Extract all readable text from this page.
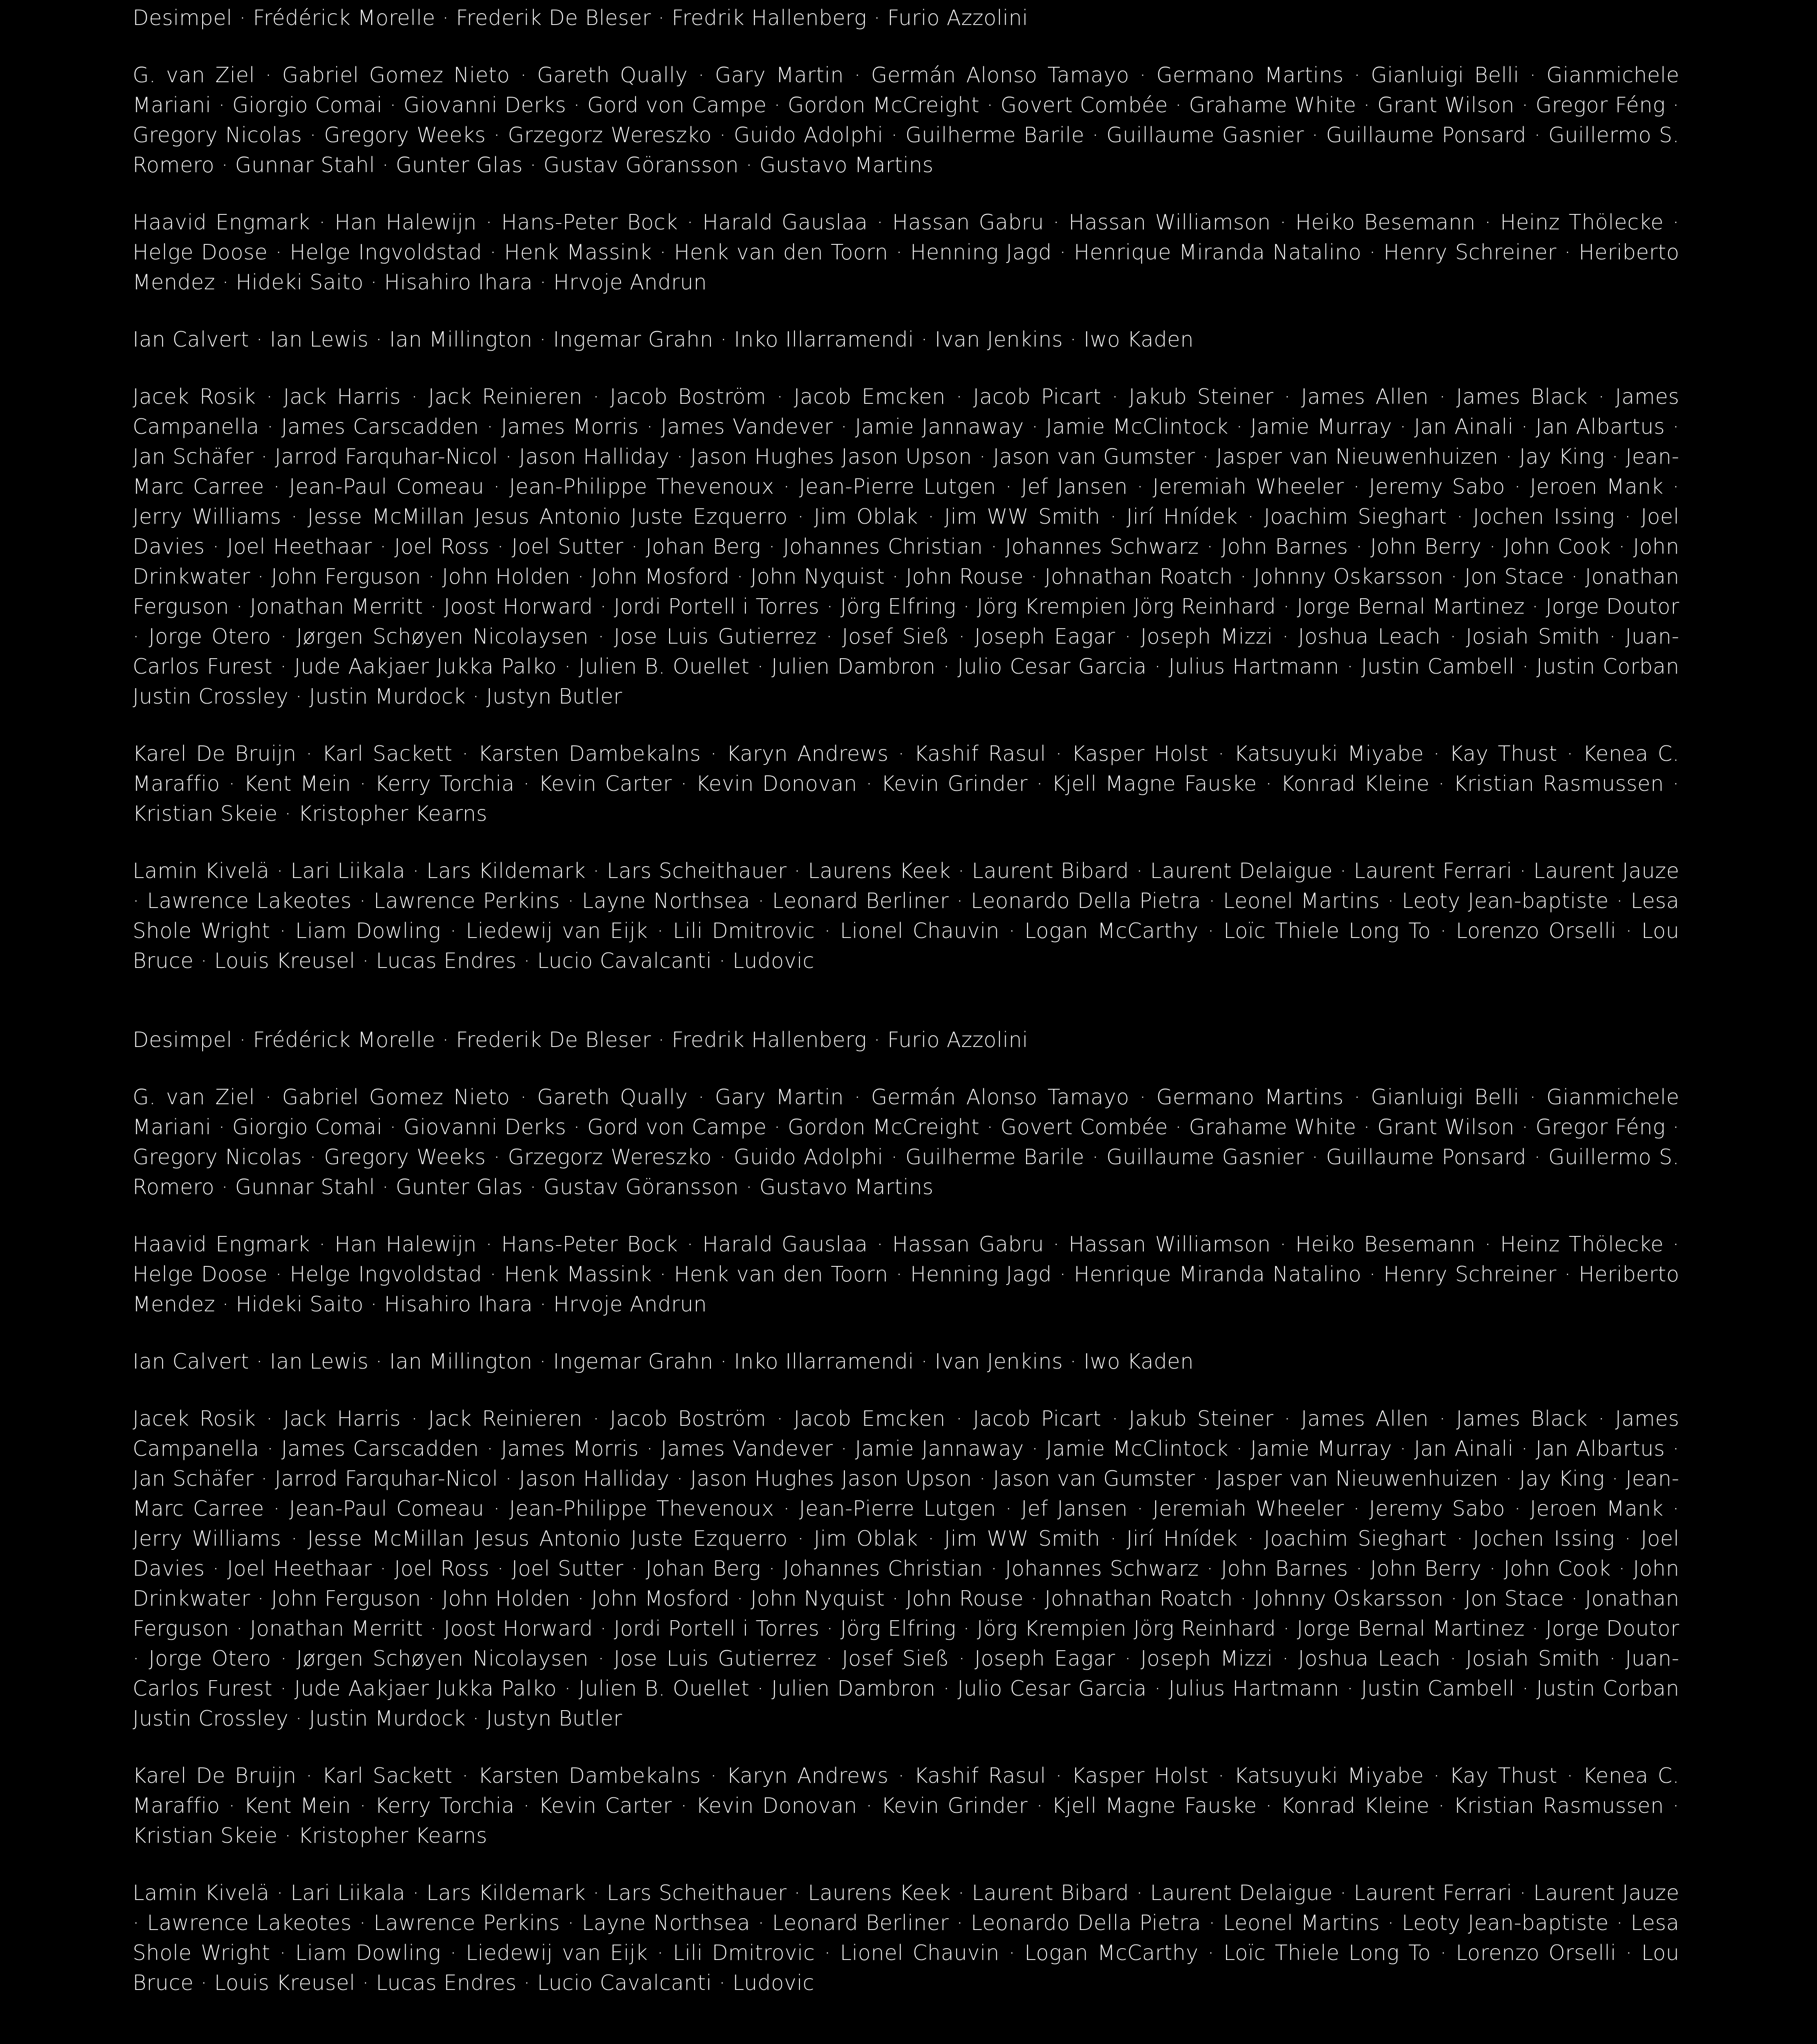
Desimpel · Frédérick Morelle · Frederik De Bleser · Fredrik Hallenberg · Furio Azzolini

G. van Ziel · Gabriel Gomez Nieto · Gareth Qually · Gary Martin · Germán Alonso Tamayo · Germano Martins · Gianluigi Belli · Gianmichele Mariani · Giorgio Comai · Giovanni Derks · Gord von Campe · Gordon McCreight · Govert Combée · Grahame White · Grant Wilson · Gregor Féng · Gregory Nicolas · Gregory Weeks · Grzegorz Wereszko · Guido Adolphi · Guilherme Barile · Guillaume Gasnier · Guillaume Ponsard · Guillermo S. Romero · Gunnar Stahl · Gunter Glas · Gustav Göransson · Gustavo Martins

Haavid Engmark · Han Halewijn · Hans-Peter Bock · Harald Gauslaa · Hassan Gabru · Hassan Williamson · Heiko Besemann · Heinz Thölecke · Helge Doose · Helge Ingvoldstad · Henk Massink · Henk van den Toorn · Henning Jagd · Henrique Miranda Natalino · Henry Schreiner · Heriberto Mendez · Hideki Saito · Hisahiro Ihara · Hrvoje Andrun

Ian Calvert · Ian Lewis · Ian Millington · Ingemar Grahn · Inko Illarramendi · Ivan Jenkins · Iwo Kaden

Jacek Rosik · Jack Harris · Jack Reinieren · Jacob Boström · Jacob Emcken · Jacob Picart · Jakub Steiner · James Allen · James Black · James Campanella · James Carscadden · James Morris · James Vandever · Jamie Jannaway · Jamie McClintock · Jamie Murray · Jan Ainali · Jan Albartus · Jan Schäfer · Jarrod Farquhar-Nicol · Jason Halliday · Jason Hughes Jason Upson · Jason van Gumster · Jasper van Nieuwenhuizen · Jay King · Jean-Marc Carree · Jean-Paul Comeau · Jean-Philippe Thevenoux · Jean-Pierre Lutgen · Jef Jansen · Jeremiah Wheeler · Jeremy Sabo · Jeroen Mank · Jerry Williams · Jesse McMillan Jesus Antonio Juste Ezquerro · Jim Oblak · Jim WW Smith · Jirí Hnídek · Joachim Sieghart · Jochen Issing · Joel Davies · Joel Heethaar · Joel Ross · Joel Sutter · Johan Berg · Johannes Christian · Johannes Schwarz · John Barnes · John Berry · John Cook · John Drinkwater · John Ferguson · John Holden · John Mosford · John Nyquist · John Rouse · Johnathan Roatch · Johnny Oskarsson · Jon Stace · Jonathan Ferguson · Jonathan Merritt · Joost Horward · Jordi Portell i Torres · Jörg Elfring · Jörg Krempien Jörg Reinhard · Jorge Bernal Martinez · Jorge Doutor · Jorge Otero · Jørgen Schøyen Nicolaysen · Jose Luis Gutierrez · Josef Sieß · Joseph Eagar · Joseph Mizzi · Joshua Leach · Josiah Smith · Juan-Carlos Furest · Jude Aakjaer Jukka Palko · Julien B. Ouellet · Julien Dambron · Julio Cesar Garcia · Julius Hartmann · Justin Cambell · Justin Corban Justin Crossley · Justin Murdock · Justyn Butler

Karel De Bruijn · Karl Sackett · Karsten Dambekalns · Karyn Andrews · Kashif Rasul · Kasper Holst · Katsuyuki Miyabe · Kay Thust · Kenea C. Maraffio · Kent Mein · Kerry Torchia · Kevin Carter · Kevin Donovan · Kevin Grinder · Kjell Magne Fauske · Konrad Kleine · Kristian Rasmussen · Kristian Skeie · Kristopher Kearns

Lamin Kivelä · Lari Liikala · Lars Kildemark · Lars Scheithauer · Laurens Keek · Laurent Bibard · Laurent Delaigue · Laurent Ferrari · Laurent Jauze · Lawrence Lakeotes · Lawrence Perkins · Layne Northsea · Leonard Berliner · Leonardo Della Pietra · Leonel Martins · Leoty Jean-baptiste · Lesa Shole Wright · Liam Dowling · Liedewij van Eijk · Lili Dmitrovic · Lionel Chauvin · Logan McCarthy · Loïc Thiele Long To · Lorenzo Orselli · Lou Bruce · Louis Kreusel · Lucas Endres · Lucio Cavalcanti · Ludovic

Desimpel · Frédérick Morelle · Frederik De Bleser · Fredrik Hallenberg · Furio Azzolini

G. van Ziel · Gabriel Gomez Nieto · Gareth Qually · Gary Martin · Germán Alonso Tamayo · Germano Martins · Gianluigi Belli · Gianmichele Mariani · Giorgio Comai · Giovanni Derks · Gord von Campe · Gordon McCreight · Govert Combée · Grahame White · Grant Wilson · Gregor Féng · Gregory Nicolas · Gregory Weeks · Grzegorz Wereszko · Guido Adolphi · Guilherme Barile · Guillaume Gasnier · Guillaume Ponsard · Guillermo S. Romero · Gunnar Stahl · Gunter Glas · Gustav Göransson · Gustavo Martins

Haavid Engmark · Han Halewijn · Hans-Peter Bock · Harald Gauslaa · Hassan Gabru · Hassan Williamson · Heiko Besemann · Heinz Thölecke · Helge Doose · Helge Ingvoldstad · Henk Massink · Henk van den Toorn · Henning Jagd · Henrique Miranda Natalino · Henry Schreiner · Heriberto Mendez · Hideki Saito · Hisahiro Ihara · Hrvoje Andrun

Ian Calvert · Ian Lewis · Ian Millington · Ingemar Grahn · Inko Illarramendi · Ivan Jenkins · Iwo Kaden

Jacek Rosik · Jack Harris · Jack Reinieren · Jacob Boström · Jacob Emcken · Jacob Picart · Jakub Steiner · James Allen · James Black · James Campanella · James Carscadden · James Morris · James Vandever · Jamie Jannaway · Jamie McClintock · Jamie Murray · Jan Ainali · Jan Albartus · Jan Schäfer · Jarrod Farquhar-Nicol · Jason Halliday · Jason Hughes Jason Upson · Jason van Gumster · Jasper van Nieuwenhuizen · Jay King · Jean-Marc Carree · Jean-Paul Comeau · Jean-Philippe Thevenoux · Jean-Pierre Lutgen · Jef Jansen · Jeremiah Wheeler · Jeremy Sabo · Jeroen Mank · Jerry Williams · Jesse McMillan Jesus Antonio Juste Ezquerro · Jim Oblak · Jim WW Smith · Jirí Hnídek · Joachim Sieghart · Jochen Issing · Joel Davies · Joel Heethaar · Joel Ross · Joel Sutter · Johan Berg · Johannes Christian · Johannes Schwarz · John Barnes · John Berry · John Cook · John Drinkwater · John Ferguson · John Holden · John Mosford · John Nyquist · John Rouse · Johnathan Roatch · Johnny Oskarsson · Jon Stace · Jonathan Ferguson · Jonathan Merritt · Joost Horward · Jordi Portell i Torres · Jörg Elfring · Jörg Krempien Jörg Reinhard · Jorge Bernal Martinez · Jorge Doutor · Jorge Otero · Jørgen Schøyen Nicolaysen · Jose Luis Gutierrez · Josef Sieß · Joseph Eagar · Joseph Mizzi · Joshua Leach · Josiah Smith · Juan-Carlos Furest · Jude Aakjaer Jukka Palko · Julien B. Ouellet · Julien Dambron · Julio Cesar Garcia · Julius Hartmann · Justin Cambell · Justin Corban Justin Crossley · Justin Murdock · Justyn Butler

Karel De Bruijn · Karl Sackett · Karsten Dambekalns · Karyn Andrews · Kashif Rasul · Kasper Holst · Katsuyuki Miyabe · Kay Thust · Kenea C. Maraffio · Kent Mein · Kerry Torchia · Kevin Carter · Kevin Donovan · Kevin Grinder · Kjell Magne Fauske · Konrad Kleine · Kristian Rasmussen · Kristian Skeie · Kristopher Kearns

Lamin Kivelä · Lari Liikala · Lars Kildemark · Lars Scheithauer · Laurens Keek · Laurent Bibard · Laurent Delaigue · Laurent Ferrari · Laurent Jauze · Lawrence Lakeotes · Lawrence Perkins · Layne Northsea · Leonard Berliner · Leonardo Della Pietra · Leonel Martins · Leoty Jean-baptiste · Lesa Shole Wright · Liam Dowling · Liedewij van Eijk · Lili Dmitrovic · Lionel Chauvin · Logan McCarthy · Loïc Thiele Long To · Lorenzo Orselli · Lou Bruce · Louis Kreusel · Lucas Endres · Lucio Cavalcanti · Ludovic
